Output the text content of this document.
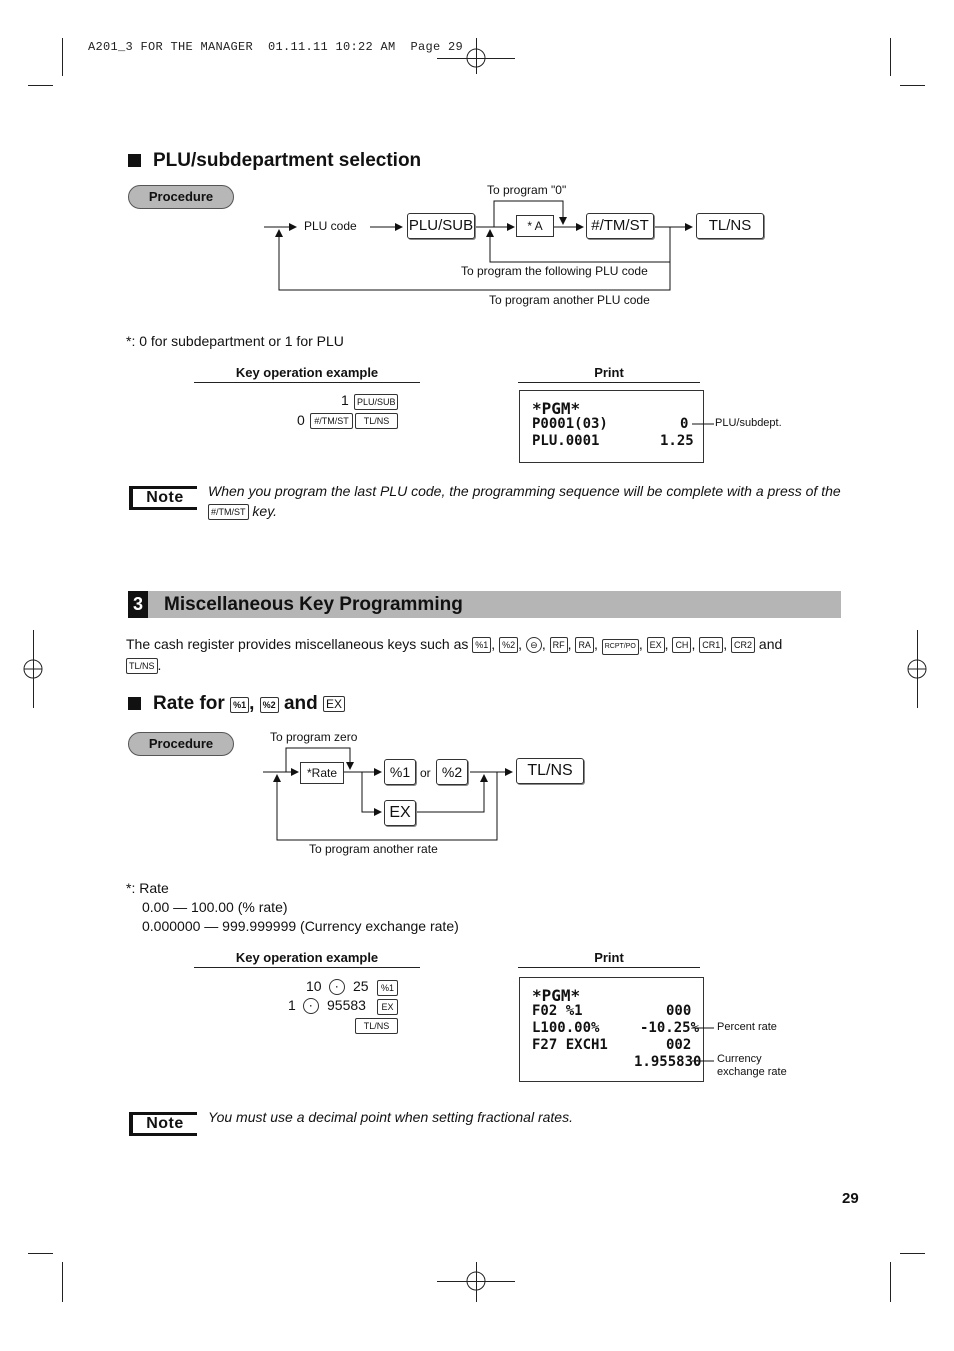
A201_3 FOR THE MANAGER  01.11.11 10:22 AM  Page 29
PLU/subdepartment selection
Procedure
PLU code	PLU/SUB	* A	#/TM/ST	TL/NS
To program "0"
To program the following PLU code
To program another PLU code
*: 0 for subdepartment or 1 for PLU
Key operation example	Print
1 PLU/SUB
0	#/TM/ST	TL/NS
*PGM*
P0001(03)	0
PLU.0001	1.25
PLU/subdept.
Note	When you program the last PLU code, the programming sequence will be complete with a press of the #/TM/ST key.
3 Miscellaneous Key Programming
The cash register provides miscellaneous keys such as %1 , %2 , ⊖ , RF , RA , RCPT/PO , EX , CH , CR1 , CR2 and
TL/NS .
Rate for %1 , %2 and EX
Procedure	To program zero
*Rate	%1 or %2
EX
TL/NS
To program another rate
*: Rate
0.00 — 100.00 (% rate)
0.000000 — 999.999999 (Currency exchange rate)
Key operation example	Print
10	·	25	%1
1	·	95583	EX
TL/NS
*PGM*
F02 %1	000
L100.00%	-10.25%
F27 EXCH1	002
1.955830
Percent rate
Currency
exchange rate
Note	You must use a decimal point when setting fractional rates.
29
